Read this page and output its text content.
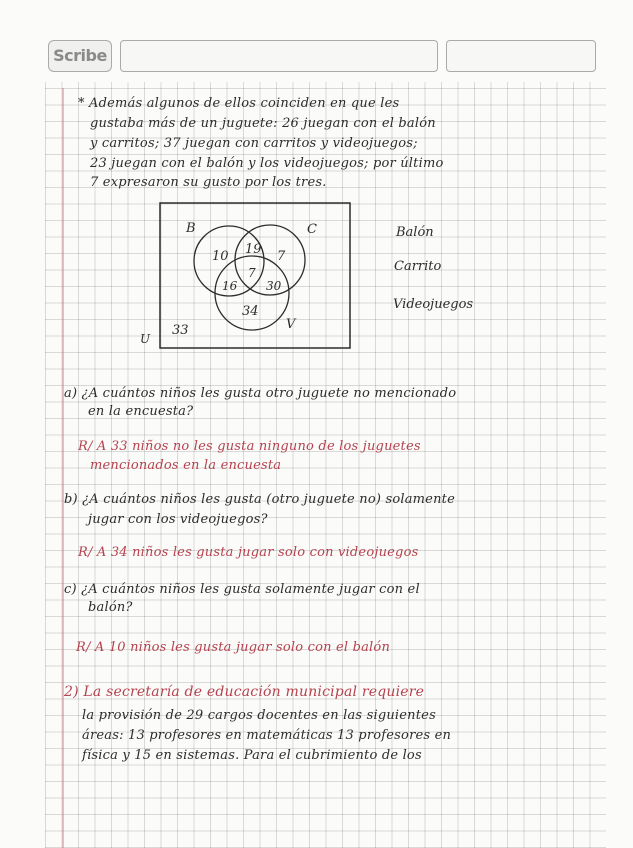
Scribe

* Además algunos de ellos coinciden en que les

gustaba más de un juguete: 26 juegan con el balón

y carritos; 37 juegan con carritos y videojuegos;

23 juegan con el balón y los videojuegos; por último

7 expresaron su gusto por los tres.

B	C
V
U
10 19 7
7
16 30
34
33
Balón
Carrito
Videojuegos

a) ¿A cuántos niños les gusta otro juguete no mencionado

en la encuesta?

R/ A 33 niños no les gusta ninguno de los juguetes

mencionados en la encuesta

b) ¿A cuántos niños les gusta (otro juguete no) solamente

jugar con los videojuegos?

R/ A 34 niños les gusta jugar solo con videojuegos

c) ¿A cuántos niños les gusta solamente jugar con el

balón?

R/ A 10 niños les gusta jugar solo con el balón

2) La secretaría de educación municipal requiere

la provisión de 29 cargos docentes en las siguientes

áreas: 13 profesores en matemáticas 13 profesores en

física y 15 en sistemas. Para el cubrimiento de los
